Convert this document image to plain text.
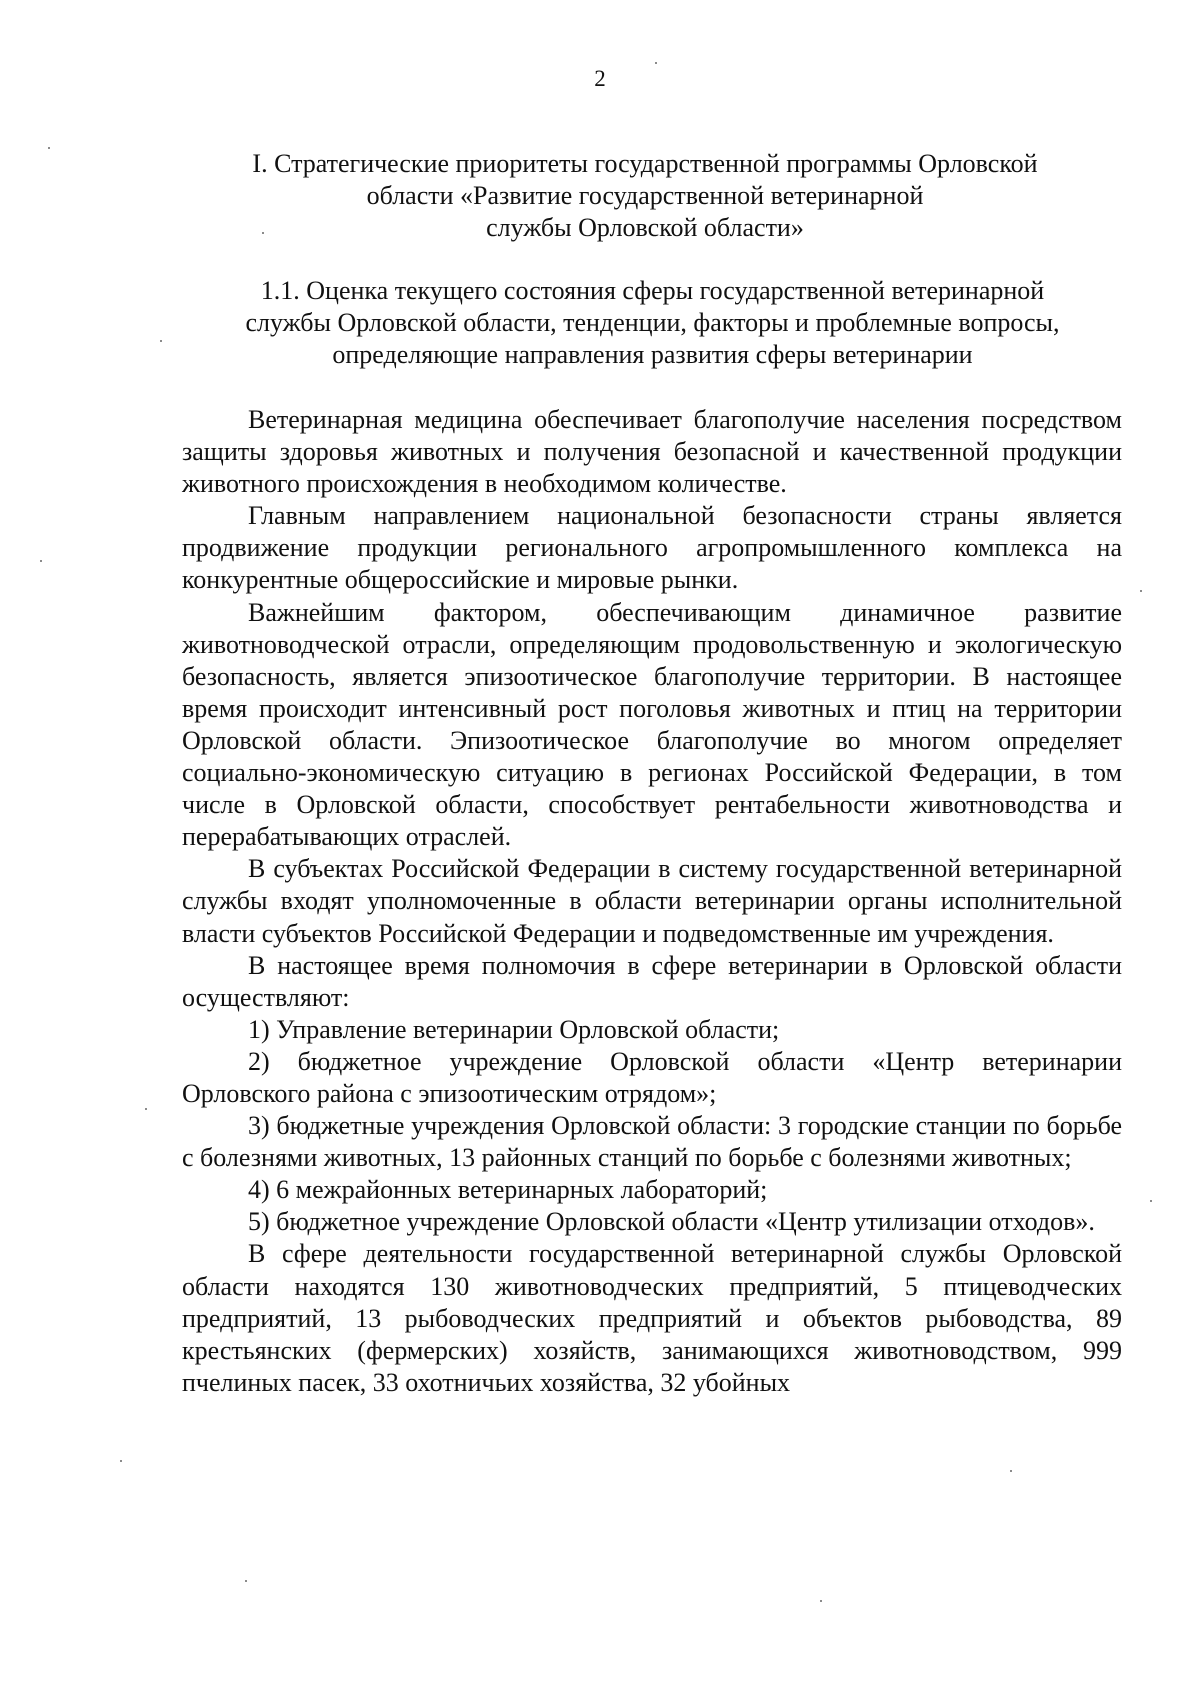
2
I. Стратегические приоритеты государственной программы Орловской
области «Развитие государственной ветеринарной
службы Орловской области»
1.1. Оценка текущего состояния сферы государственной ветеринарной
службы Орловской области, тенденции, факторы и проблемные вопросы,
определяющие направления развития сферы ветеринарии

Ветеринарная медицина обеспечивает благополучие населения посредством защиты здоровья животных и получения безопасной и качественной продукции животного происхождения в необходимом количестве.

Главным направлением национальной безопасности страны является продвижение продукции регионального агропромышленного комплекса на конкурентные общероссийские и мировые рынки.

Важнейшим фактором, обеспечивающим динамичное развитие животноводческой отрасли, определяющим продовольственную и экологическую безопасность, является эпизоотическое благополучие территории. В настоящее время происходит интенсивный рост поголовья животных и птиц на территории Орловской области. Эпизоотическое благополучие во многом определяет социально-экономическую ситуацию в регионах Российской Федерации, в том числе в Орловской области, способствует рентабельности животноводства и перерабатывающих отраслей.

В субъектах Российской Федерации в систему государственной ветеринарной службы входят уполномоченные в области ветеринарии органы исполнительной власти субъектов Российской Федерации и подведомственные им учреждения.

В настоящее время полномочия в сфере ветеринарии в Орловской области осуществляют:

1) Управление ветеринарии Орловской области;

2) бюджетное учреждение Орловской области «Центр ветеринарии Орловского района с эпизоотическим отрядом»;

3) бюджетные учреждения Орловской области: 3 городские станции по борьбе с болезнями животных, 13 районных станций по борьбе с болезнями животных;

4) 6 межрайонных ветеринарных лабораторий;

5) бюджетное учреждение Орловской области «Центр утилизации отходов».

В сфере деятельности государственной ветеринарной службы Орловской области находятся 130 животноводческих предприятий, 5 птицеводческих предприятий, 13 рыбоводческих предприятий и объектов рыбоводства, 89 крестьянских (фермерских) хозяйств, занимающихся животноводством, 999 пчелиных пасек, 33 охотничьих хозяйства, 32 убойных
